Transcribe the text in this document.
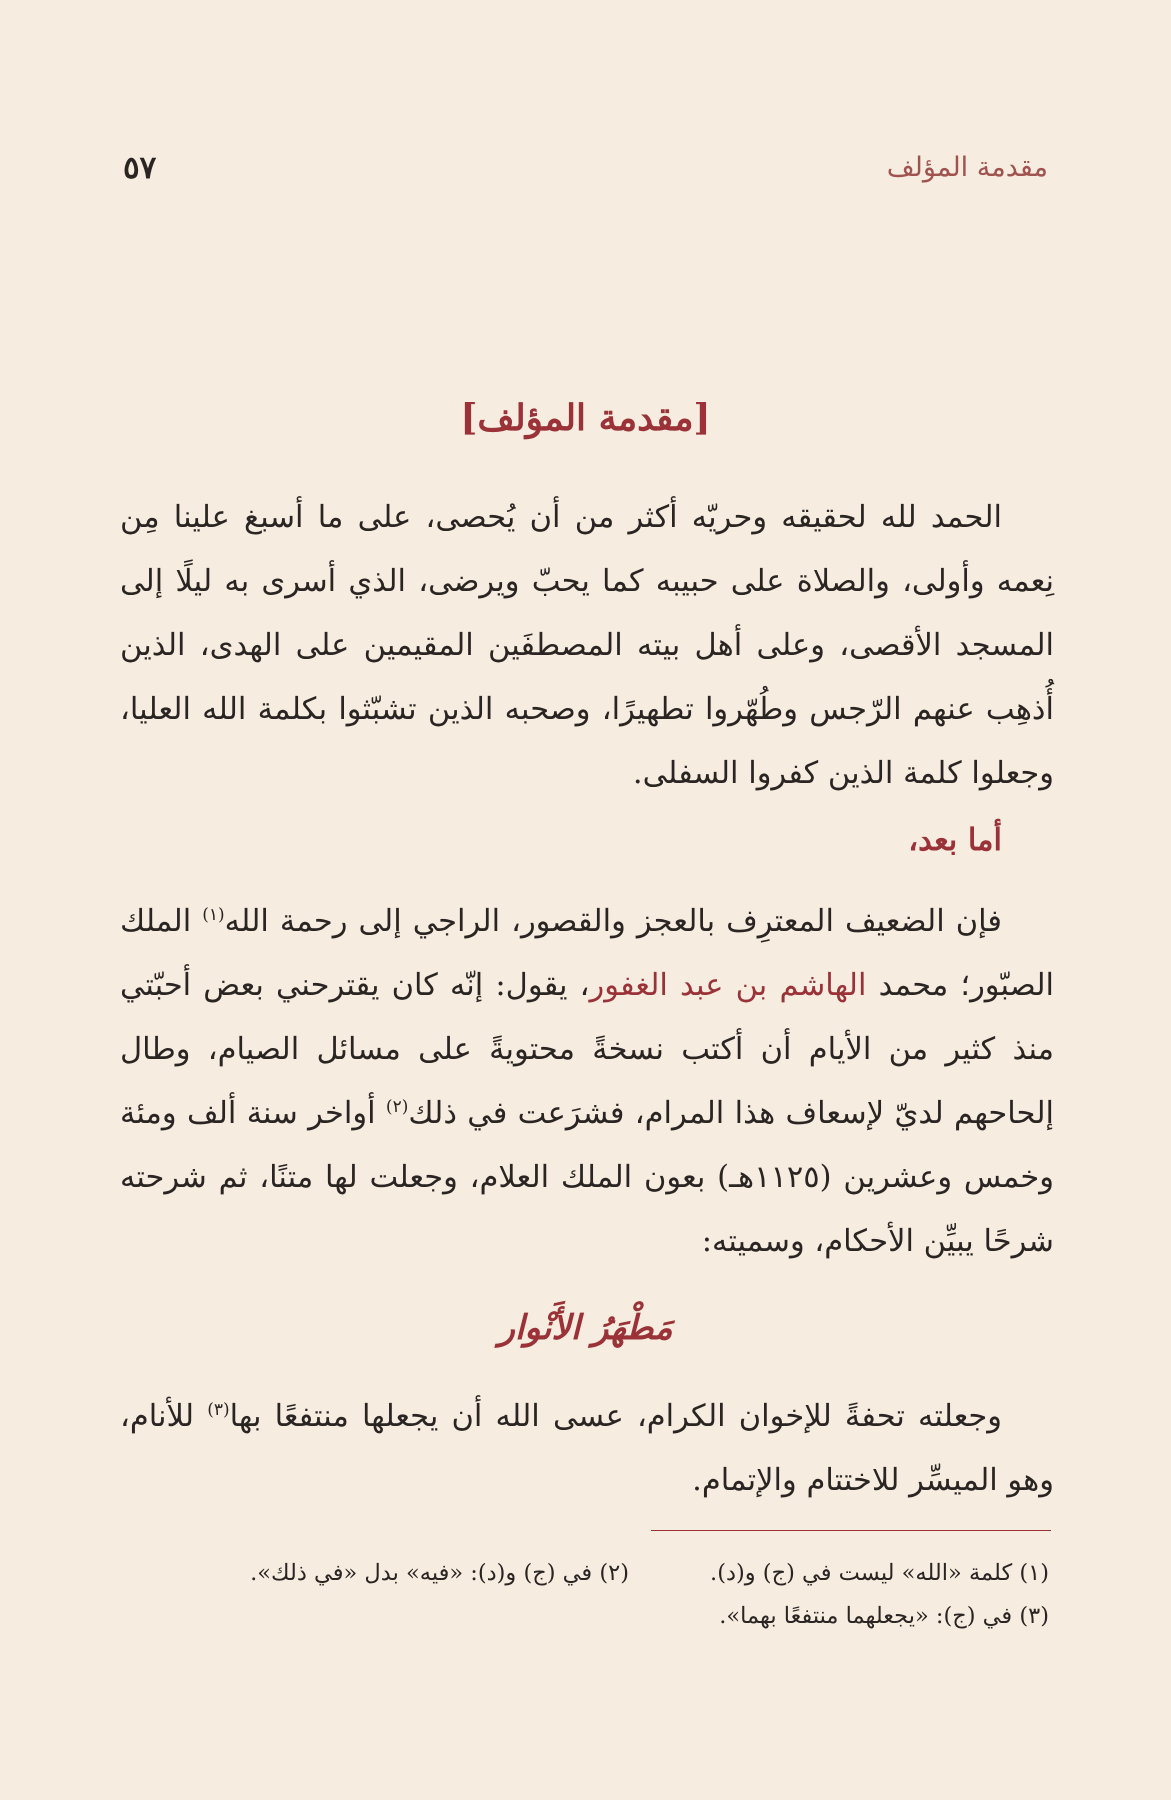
مقدمة المؤلف
٥٧
[مقدمة المؤلف]

الحمد لله لحقيقه وحريّه أكثر من أن يُحصى، على ما أسبغ علينا مِن نِعمه وأولى، والصلاة على حبيبه كما يحبّ ويرضى، الذي أسرى به ليلًا إلى المسجد الأقصى، وعلى أهل بيته المصطفَين المقيمين على الهدى، الذين أُذهِب عنهم الرّجس وطُهّروا تطهيرًا، وصحبه الذين تشبّثوا بكلمة الله العليا، وجعلوا كلمة الذين كفروا السفلى.

أما بعد،

فإن الضعيف المعترِف بالعجز والقصور، الراجي إلى رحمة الله$^{(١)}$ الملك الصبّور؛ محمد الهاشم بن عبد الغفور، يقول: إنّه كان يقترحني بعض أحبّتي منذ كثير من الأيام أن أكتب نسخةً محتويةً على مسائل الصيام، وطال إلحاحهم لديّ لإسعاف هذا المرام، فشرَعت في ذلك$^{(٢)}$ أواخر سنة ألف ومئة وخمس وعشرين (١١٢٥هـ) بعون الملك العلام، وجعلت لها متنًا، ثم شرحته شرحًا يبيِّن الأحكام، وسميته:

مَطْهَرُ الأَنْوار

وجعلته تحفةً للإخوان الكرام، عسى الله أن يجعلها منتفعًا بها$^{(٣)}$ للأنام، وهو الميسِّر للاختتام والإتمام.

(١) كلمة «الله» ليست في (ج) و(د).
(٢) في (ج) و(د): «فيه» بدل «في ذلك».
(٣) في (ج): «يجعلهما منتفعًا بهما».
